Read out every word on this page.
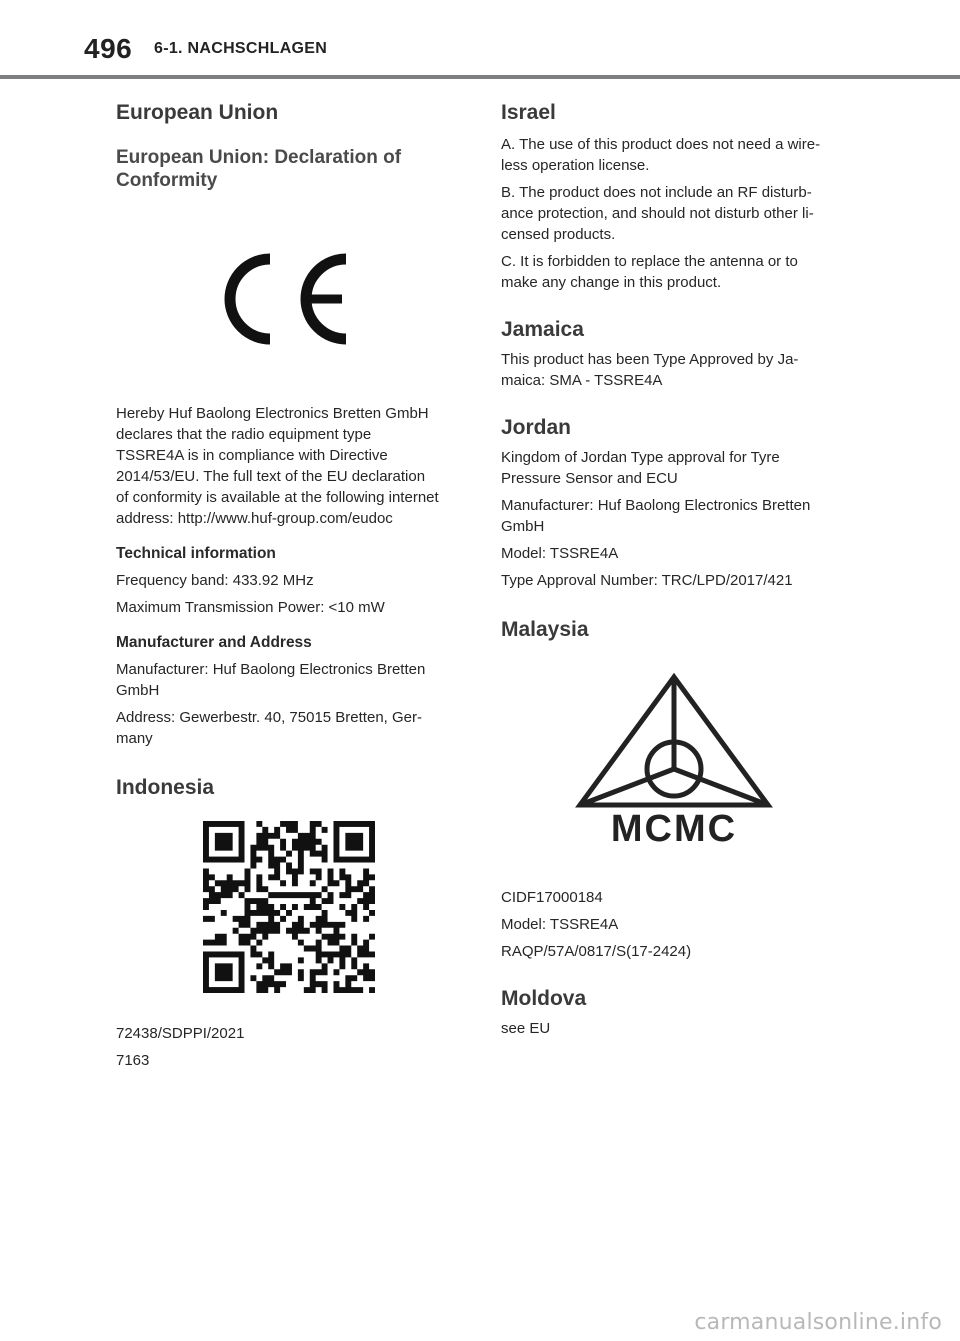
496 6-1. NACHSCHLAGEN
European Union
European Union: Declaration of
Conformity

Hereby Huf Baolong Electronics Bretten GmbH

declares that the radio equipment type

TSSRE4A is in compliance with Directive

2014/53/EU. The full text of the EU declaration

of conformity is available at the following internet

address: http://www.huf-group.com/eudoc

Technical information

Frequency band: 433.92 MHz

Maximum Transmission Power: <10 mW

Manufacturer and Address

Manufacturer: Huf Baolong Electronics Bretten
GmbH

Address: Gewerbestr. 40, 75015 Bretten, Ger-
many

Indonesia

72438/SDPPI/2021

7163

Israel

A. The use of this product does not need a wire-
less operation license.

B. The product does not include an RF disturb-
ance protection, and should not disturb other li-
censed products.

C. It is forbidden to replace the antenna or to
make any change in this product.

Jamaica

This product has been Type Approved by Ja-
maica: SMA - TSSRE4A

Jordan

Kingdom of Jordan Type approval for Tyre
Pressure Sensor and ECU

Manufacturer: Huf Baolong Electronics Bretten
GmbH

Model: TSSRE4A

Type Approval Number: TRC/LPD/2017/421

Malaysia
MCMC

CIDF17000184

Model: TSSRE4A

RAQP/57A/0817/S(17-2424)

Moldova

see EU

carmanualsonline.info
